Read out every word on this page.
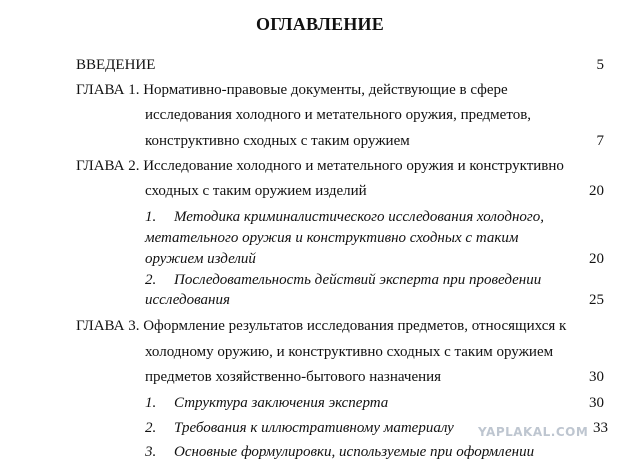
ОГЛАВЛЕНИЕ
ВВЕДЕНИЕ	5
ГЛАВА 1. Нормативно-правовые документы, действующие в сфере
исследования холодного и метательного оружия, предметов,
конструктивно сходных с таким оружием	7
ГЛАВА 2. Исследование холодного и метательного оружия и конструктивно
сходных с таким оружием изделий	20
1. Методика криминалистического исследования холодного,
метательного оружия и конструктивно сходных с таким
оружием изделий	20
2. Последовательность действий эксперта при проведении
исследования	25
ГЛАВА 3. Оформление результатов исследования предметов, относящихся к
холодному оружию, и конструктивно сходных с таким оружием
предметов хозяйственно-бытового назначения	30
1. Структура заключения эксперта	30
2. Требования к иллюстративному материалу	33
3. Основные формулировки, используемые при оформлении
YAPLAKAL.COM
